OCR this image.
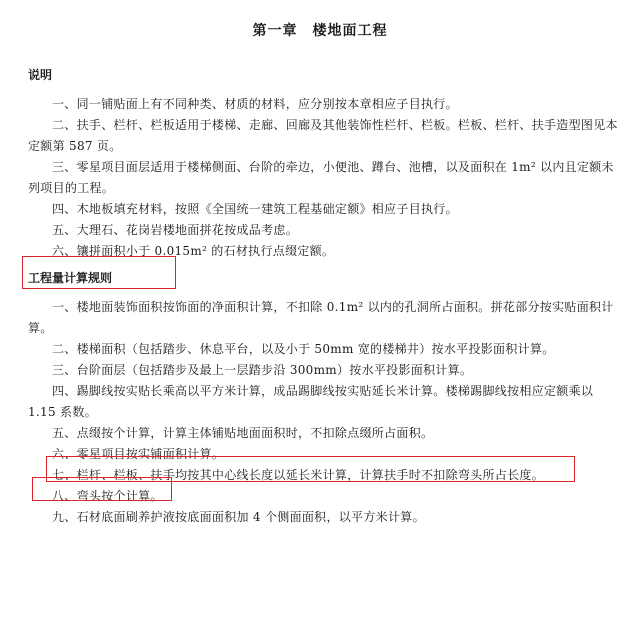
第一章　楼地面工程
说明
一、同一铺贴面上有不同种类、材质的材料，应分别按本章相应子目执行。
二、扶手、栏杆、栏板适用于楼梯、走廊、回廊及其他装饰性栏杆、栏板。栏板、栏杆、扶手造型图见本定额第 587 页。
三、零星项目面层适用于楼梯侧面、台阶的牵边，小便池、蹲台、池槽，以及面积在 1m² 以内且定额未列项目的工程。
四、木地板填充材料，按照《全国统一建筑工程基础定额》相应子目执行。
五、大理石、花岗岩楼地面拼花按成品考虑。
六、镶拼面积小于 0.015m² 的石材执行点缀定额。
工程量计算规则
一、楼地面装饰面积按饰面的净面积计算，不扣除 0.1m² 以内的孔洞所占面积。拼花部分按实贴面积计算。
二、楼梯面积（包括踏步、休息平台，以及小于 50mm 宽的楼梯井）按水平投影面积计算。
三、台阶面层（包括踏步及最上一层踏步沿 300mm）按水平投影面积计算。
四、踢脚线按实贴长乘高以平方米计算，成品踢脚线按实贴延长米计算。楼梯踢脚线按相应定额乘以 1.15 系数。
五、点缀按个计算，计算主体铺贴地面面积时，不扣除点缀所占面积。
六、零星项目按实铺面积计算。
七、栏杆、栏板、扶手均按其中心线长度以延长米计算，计算扶手时不扣除弯头所占长度。
八、弯头按个计算。
九、石材底面刷养护液按底面面积加 4 个侧面面积，以平方米计算。
